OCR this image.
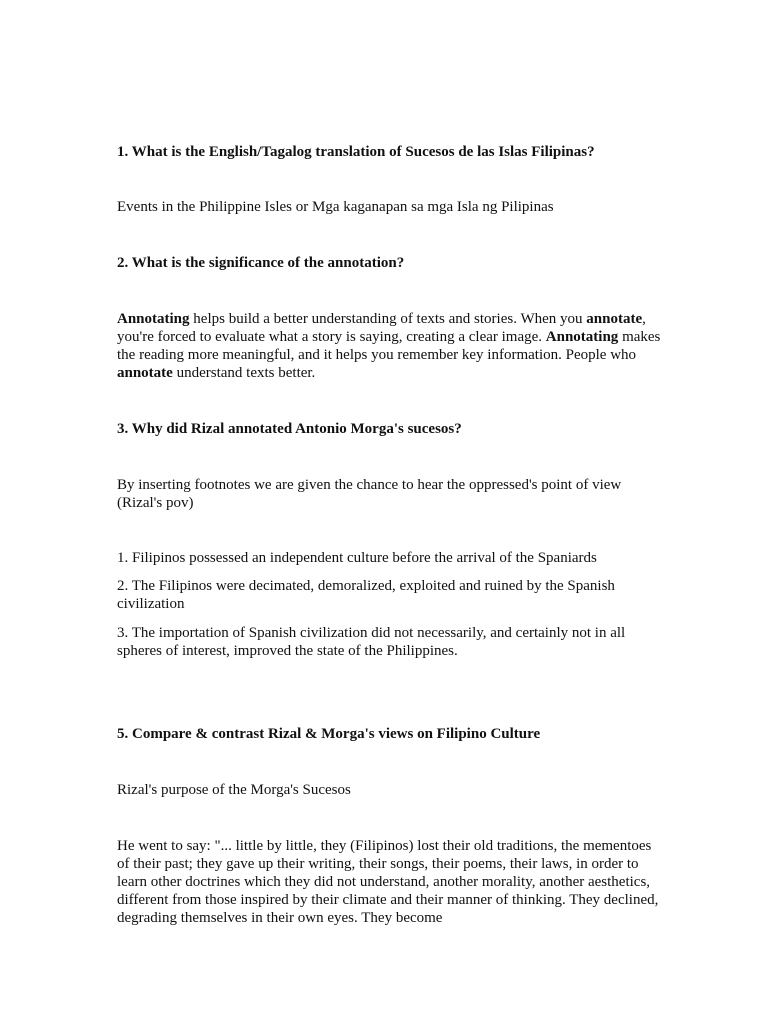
1. What is the English/Tagalog translation of Sucesos de las Islas Filipinas?

Events in the Philippine Isles or Mga kaganapan sa mga Isla ng Pilipinas

2. What is the significance of the annotation?

Annotating helps build a better understanding of texts and stories. When you annotate, you're forced to evaluate what a story is saying, creating a clear image. Annotating makes the reading more meaningful, and it helps you remember key information. People who annotate understand texts better.

3. Why did Rizal annotated Antonio Morga's sucesos?

By inserting footnotes we are given the chance to hear the oppressed's point of view (Rizal's pov)

1. Filipinos possessed an independent culture before the arrival of the Spaniards

2. The Filipinos were decimated, demoralized, exploited and ruined by the Spanish civilization

3. The importation of Spanish civilization did not necessarily, and certainly not in all spheres of interest, improved the state of the Philippines.

5. Compare & contrast Rizal & Morga's views on Filipino Culture

Rizal's purpose of the Morga's Sucesos

He went to say: "... little by little, they (Filipinos) lost their old traditions, the mementoes of their past; they gave up their writing, their songs, their poems, their laws, in order to learn other doctrines which they did not understand, another morality, another aesthetics, different from those inspired by their climate and their manner of thinking. They declined, degrading themselves in their own eyes. They become
